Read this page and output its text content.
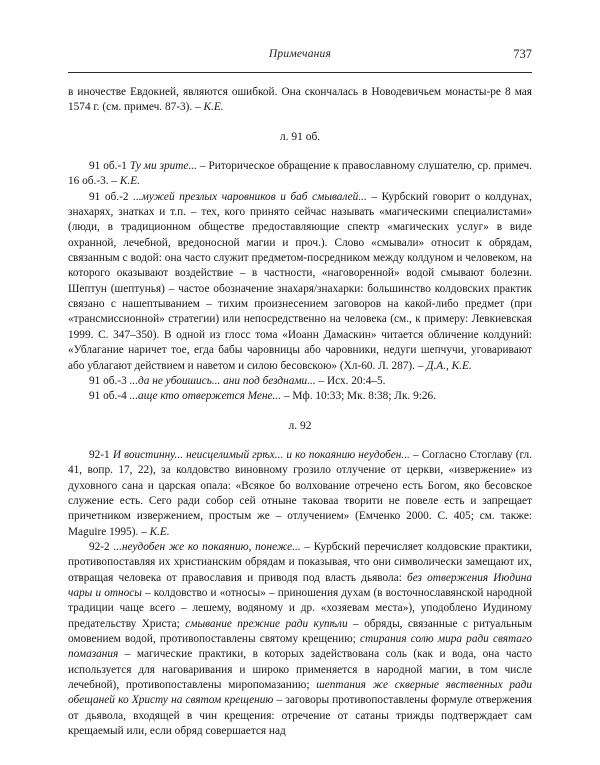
Примечания	737

в иночестве Евдокией, являются ошибкой. Она скончалась в Новодевичьем монасты-ре 8 мая 1574 г. (см. примеч. 87-3). – К.Е.

л. 91 об.

91 об.-1 Ту ми зрите... – Риторическое обращение к православному слушателю, ср. примеч. 16 об.-3. – К.Е.

91 об.-2 ...мужей презлых чаровников и баб смывалей... – Курбский говорит о колдунах, знахарях, знатках и т.п. – тех, кого принято сейчас называть «магическими специалистами» (люди, в традиционном обществе предоставляющие спектр «магических услуг» в виде охранной, лечебной, вредоносной магии и проч.). Слово «смывали» относит к обрядам, связанным с водой: она часто служит предметом-посредником между колдуном и человеком, на которого оказывают воздействие – в частности, «наговоренной» водой смывают болезни. Шептун (шептунья) – частое обозначение знахаря/знахарки: большинство колдовских практик связано с нашептыванием – тихим произнесением заговоров на какой-либо предмет (при «трансмиссионной» стратегии) или непосредственно на человека (см., к примеру: Левкиевская 1999. С. 347–350). В одной из глосс тома «Иоанн Дамаскин» читается обличение колдуний: «Ублагание наричет тое, егда бабы чаровницы або чаровники, недуги шепчучи, уговаривают або ублагают действием и наветом и силою бесовскою» (Хл-60. Л. 287). – Д.А., К.Е.

91 об.-3 ...да не убоишись... ани под безднами... – Исх. 20:4–5.

91 об.-4 ...аще кто отвержется Мене... – Мф. 10:33; Мк. 8:38; Лк. 9:26.

л. 92

92-1 И воистинну... неисцелимый грѣх... и ко покаянию неудобен... – Согласно Стоглаву (гл. 41, вопр. 17, 22), за колдовство виновному грозило отлучение от церкви, «извержение» из духовного сана и царская опала: «Всякое бо волхование отречено есть Богом, яко бесовское служение есть. Сего ради собор сей отныне таковаа творити не повеле есть и запрещает причетником извержением, простым же – отлучением» (Емченко 2000. С. 405; см. также: Maguire 1995). – К.Е.

92-2 ...неудобен же ко покаянию, понеже... – Курбский перечисляет колдовские практики, противопоставляя их христианским обрядам и показывая, что они символически замещают их, отвращая человека от православия и приводя под власть дьявола: без отвержения Июдина чары и относы – колдовство и «относы» – приношения духам (в восточнославянской народной традиции чаще всего – лешему, водяному и др. «хозяевам места»), уподоблено Иудиному предательству Христа; смывание прежние ради купѣли – обряды, связанные с ритуальным омовением водой, противопоставлены святому крещению; стирания солю мира ради святаго помазания – магические практики, в которых задействована соль (как и вода, она часто используется для наговаривания и широко применяется в народной магии, в том числе лечебной), противопоставлены миропомазанию; шептания же скверные явственных ради обещаней ко Христу на святом крещению – заговоры противопоставлены формуле отвержения от дьявола, входящей в чин крещения: отречение от сатаны трижды подтверждает сам крещаемый или, если обряд совершается над
